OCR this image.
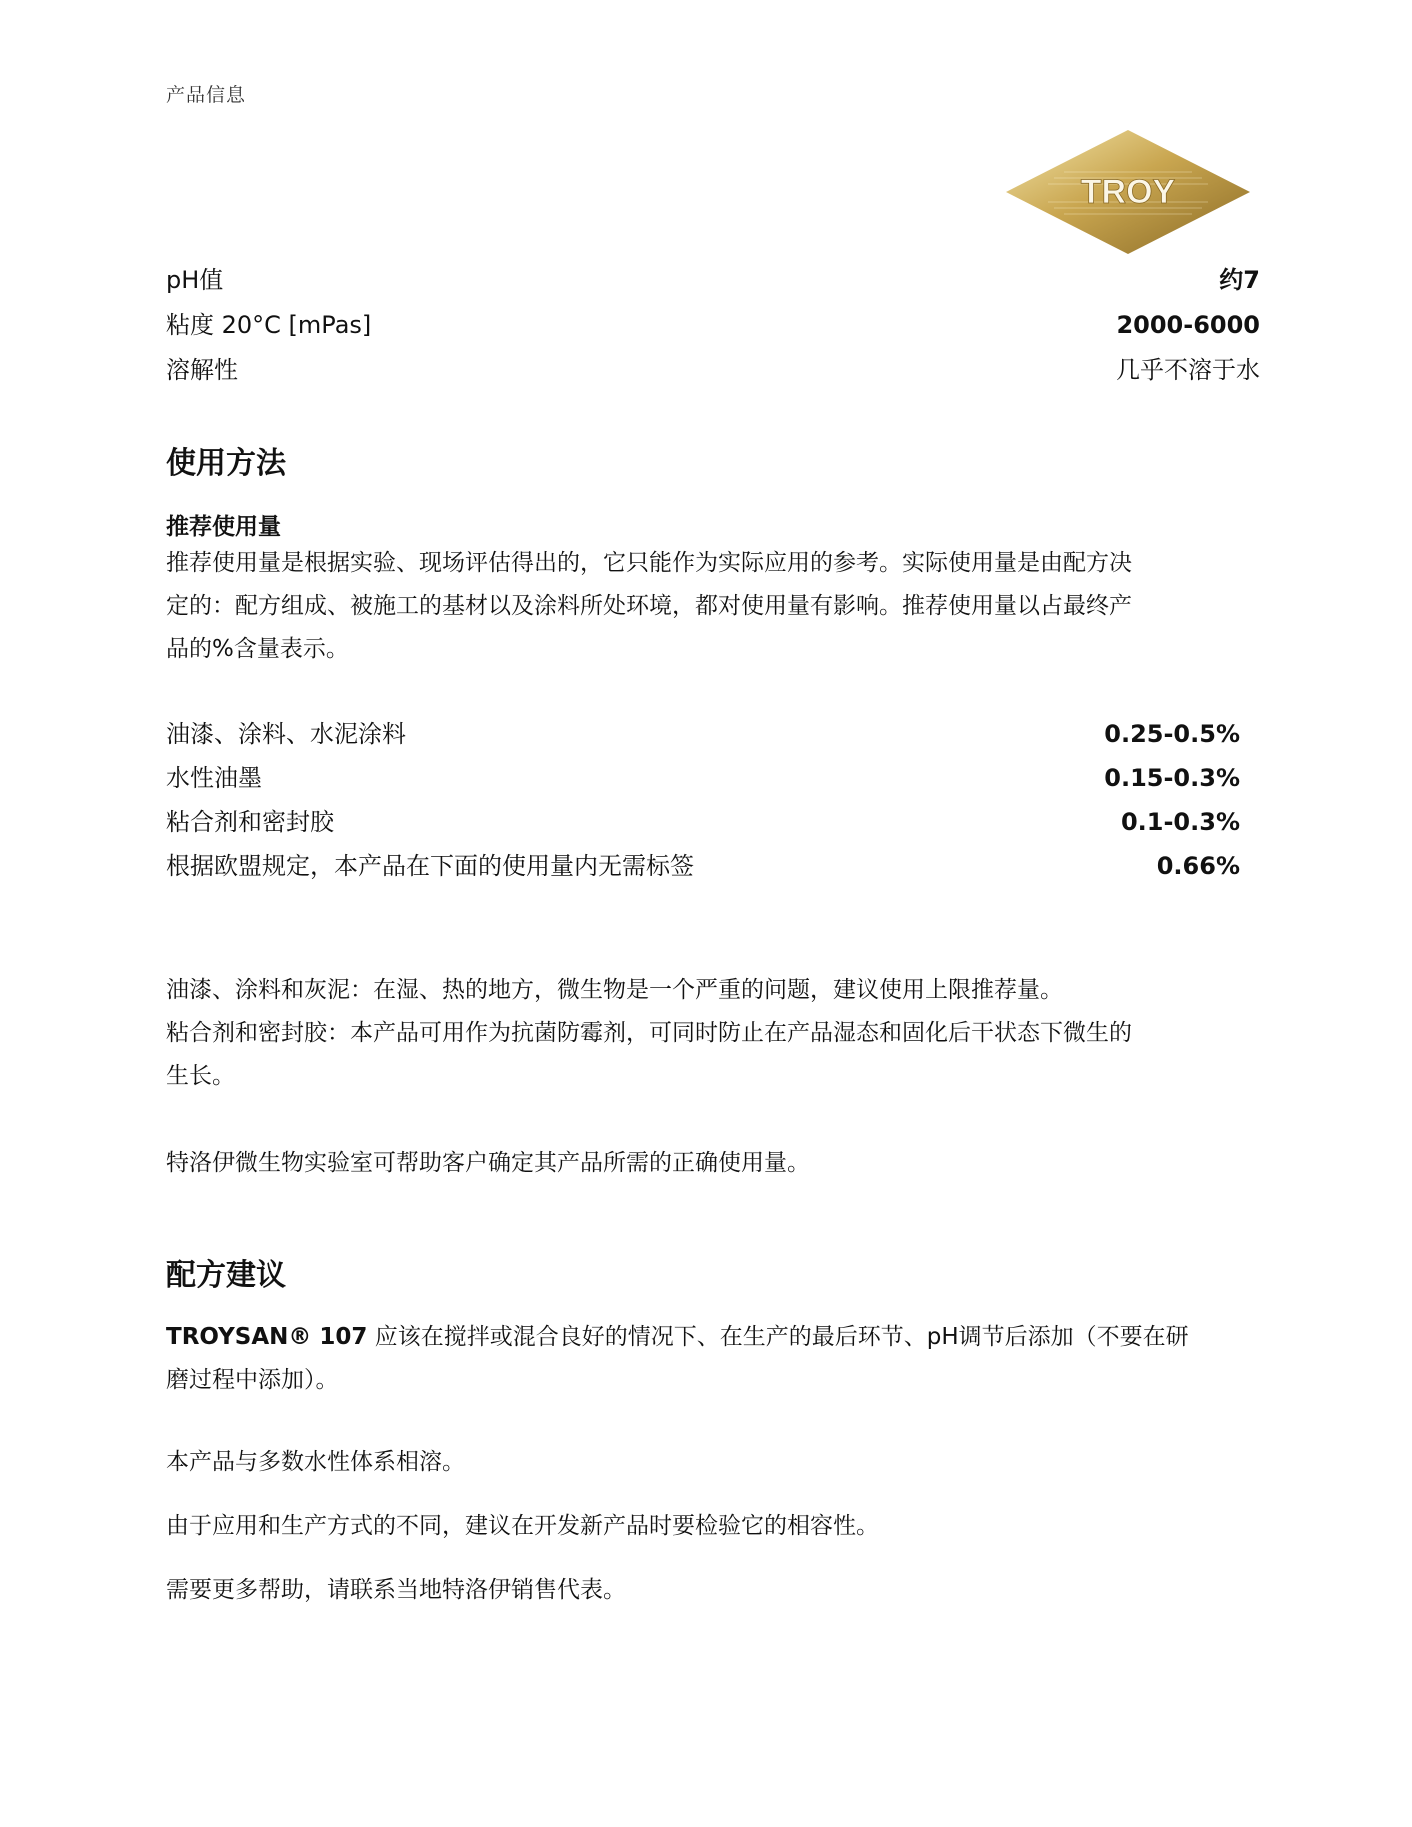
产品信息
TROY
pH值	约7
粘度 20°C [mPas]	2000-6000
溶解性	几乎不溶于水
使用方法
推荐使用量
推荐使用量是根据实验、现场评估得出的，它只能作为实际应用的参考。实际使用量是由配方决
定的：配方组成、被施工的基材以及涂料所处环境，都对使用量有影响。推荐使用量以占最终产
品的%含量表示。
油漆、涂料、水泥涂料	0.25-0.5%
水性油墨	0.15-0.3%
粘合剂和密封胶	0.1-0.3%
根据欧盟规定，本产品在下面的使用量内无需标签	0.66%
油漆、涂料和灰泥：在湿、热的地方，微生物是一个严重的问题，建议使用上限推荐量。
粘合剂和密封胶：本产品可用作为抗菌防霉剂，可同时防止在产品湿态和固化后干状态下微生的
生长。
特洛伊微生物实验室可帮助客户确定其产品所需的正确使用量。
配方建议
TROYSAN® 107 应该在搅拌或混合良好的情况下、在生产的最后环节、pH调节后添加（不要在研
磨过程中添加）。
本产品与多数水性体系相溶。
由于应用和生产方式的不同，建议在开发新产品时要检验它的相容性。
需要更多帮助，请联系当地特洛伊销售代表。
